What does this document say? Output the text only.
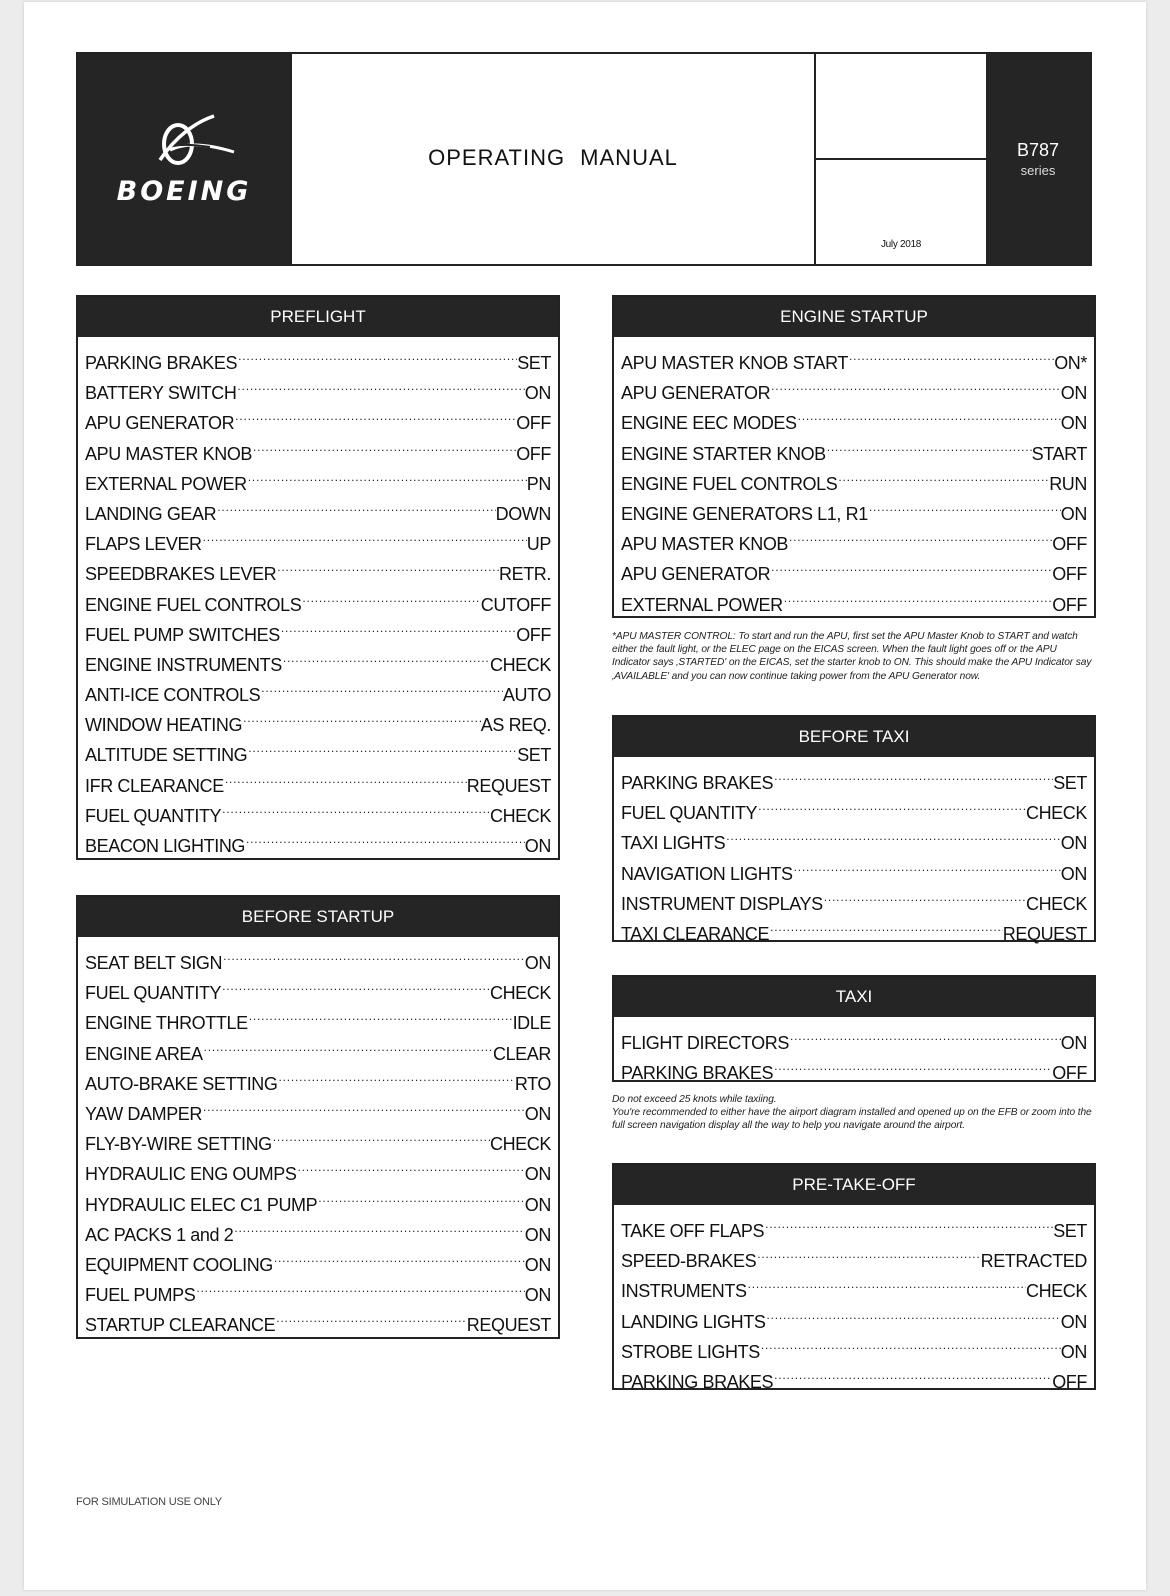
BOEING
OPERATING MANUAL
July 2018
B787
series
PREFLIGHT
PARKING BRAKES .....	SET
BATTERY SWITCH .....	ON
APU GENERATOR .....	OFF
APU MASTER KNOB .....	OFF
EXTERNAL POWER .....	PN
LANDING GEAR .....	DOWN
FLAPS LEVER .....	UP
SPEEDBRAKES LEVER .....	RETR.
ENGINE FUEL CONTROLS .....	CUTOFF
FUEL PUMP SWITCHES .....	OFF
ENGINE INSTRUMENTS .....	CHECK
ANTI-ICE CONTROLS .....	AUTO
WINDOW HEATING .....	AS REQ.
ALTITUDE SETTING .....	SET
IFR CLEARANCE .....	REQUEST
FUEL QUANTITY .....	CHECK
BEACON LIGHTING .....	ON
BEFORE STARTUP
SEAT BELT SIGN .....	ON
FUEL QUANTITY .....	CHECK
ENGINE THROTTLE .....	IDLE
ENGINE AREA .....	CLEAR
AUTO-BRAKE SETTING .....	RTO
YAW DAMPER .....	ON
FLY-BY-WIRE SETTING .....	CHECK
HYDRAULIC ENG OUMPS .....	ON
HYDRAULIC ELEC C1 PUMP .....	ON
AC PACKS 1 and 2 .....	ON
EQUIPMENT COOLING .....	ON
FUEL PUMPS .....	ON
STARTUP CLEARANCE .....	REQUEST
ENGINE STARTUP
APU MASTER KNOB START .....	ON*
APU GENERATOR .....	ON
ENGINE EEC MODES .....	ON
ENGINE STARTER KNOB .....	START
ENGINE FUEL CONTROLS .....	RUN
ENGINE GENERATORS L1, R1 .....	ON
APU MASTER KNOB .....	OFF
APU GENERATOR .....	OFF
EXTERNAL POWER .....	OFF
*APU MASTER CONTROL: To start and run the APU, first set the APU Master Knob to START and watch either the fault light, or the ELEC page on the EICAS screen. When the fault light goes off or the APU Indicator says ‚STARTED' on the EICAS, set the starter knob to ON. This should make the APU Indicator say ‚AVAILABLE' and you can now continue taking power from the APU Generator now.
BEFORE TAXI
PARKING BRAKES .....	SET
FUEL QUANTITY .....	CHECK
TAXI LIGHTS .....	ON
NAVIGATION LIGHTS .....	ON
INSTRUMENT DISPLAYS .....	CHECK
TAXI CLEARANCE .....	REQUEST
TAXI
FLIGHT DIRECTORS .....	ON
PARKING BRAKES .....	OFF
Do not exceed 25 knots while taxiing.
You're recommended to either have the airport diagram installed and opened up on the EFB or zoom into the full screen navigation display all the way to help you navigate around the airport.
PRE-TAKE-OFF
TAKE OFF FLAPS .....	SET
SPEED-BRAKES .....	RETRACTED
INSTRUMENTS .....	CHECK
LANDING LIGHTS .....	ON
STROBE LIGHTS .....	ON
PARKING BRAKES .....	OFF
FOR SIMULATION USE ONLY
